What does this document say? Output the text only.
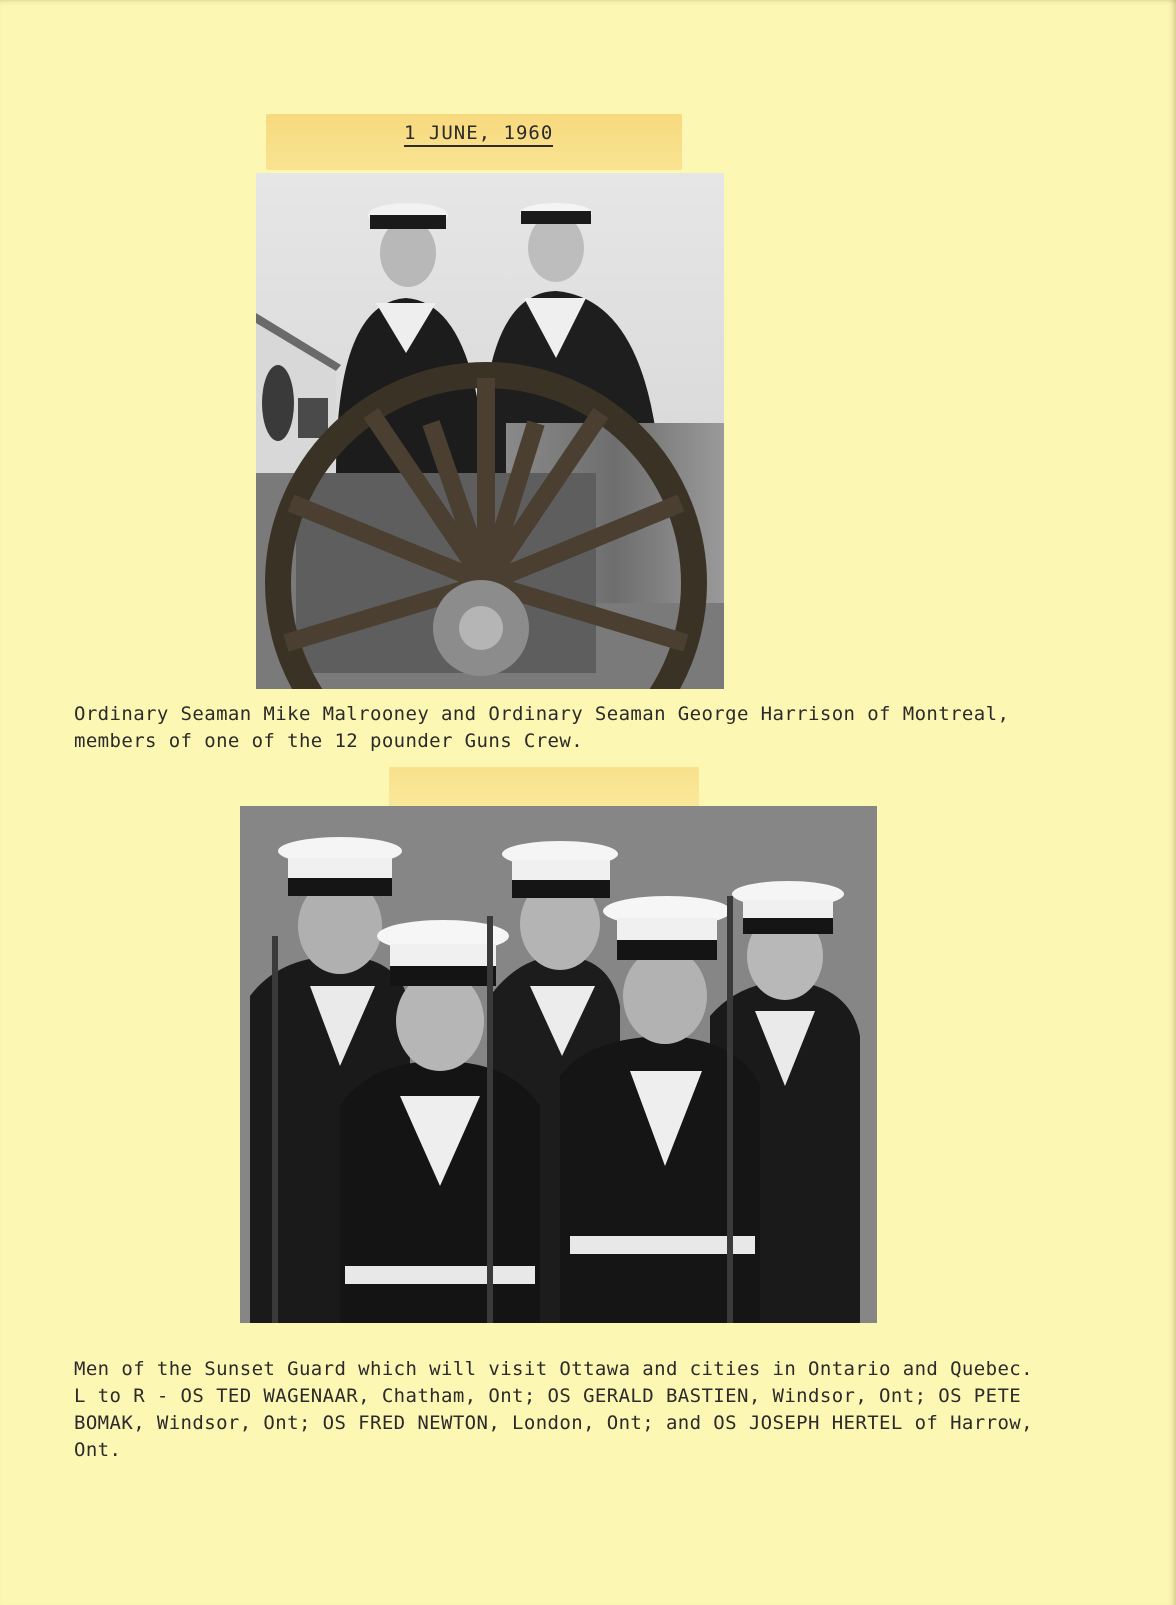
1 JUNE, 1960
Ordinary Seaman Mike Malrooney and Ordinary Seaman George Harrison of Montreal,
members of one of the 12 pounder Guns Crew.
Men of the Sunset Guard which will visit Ottawa and cities in Ontario and Quebec.
L to R - OS TED WAGENAAR, Chatham, Ont; OS GERALD BASTIEN, Windsor, Ont; OS PETE
BOMAK, Windsor, Ont; OS FRED NEWTON, London, Ont; and OS JOSEPH HERTEL of Harrow,
Ont.
